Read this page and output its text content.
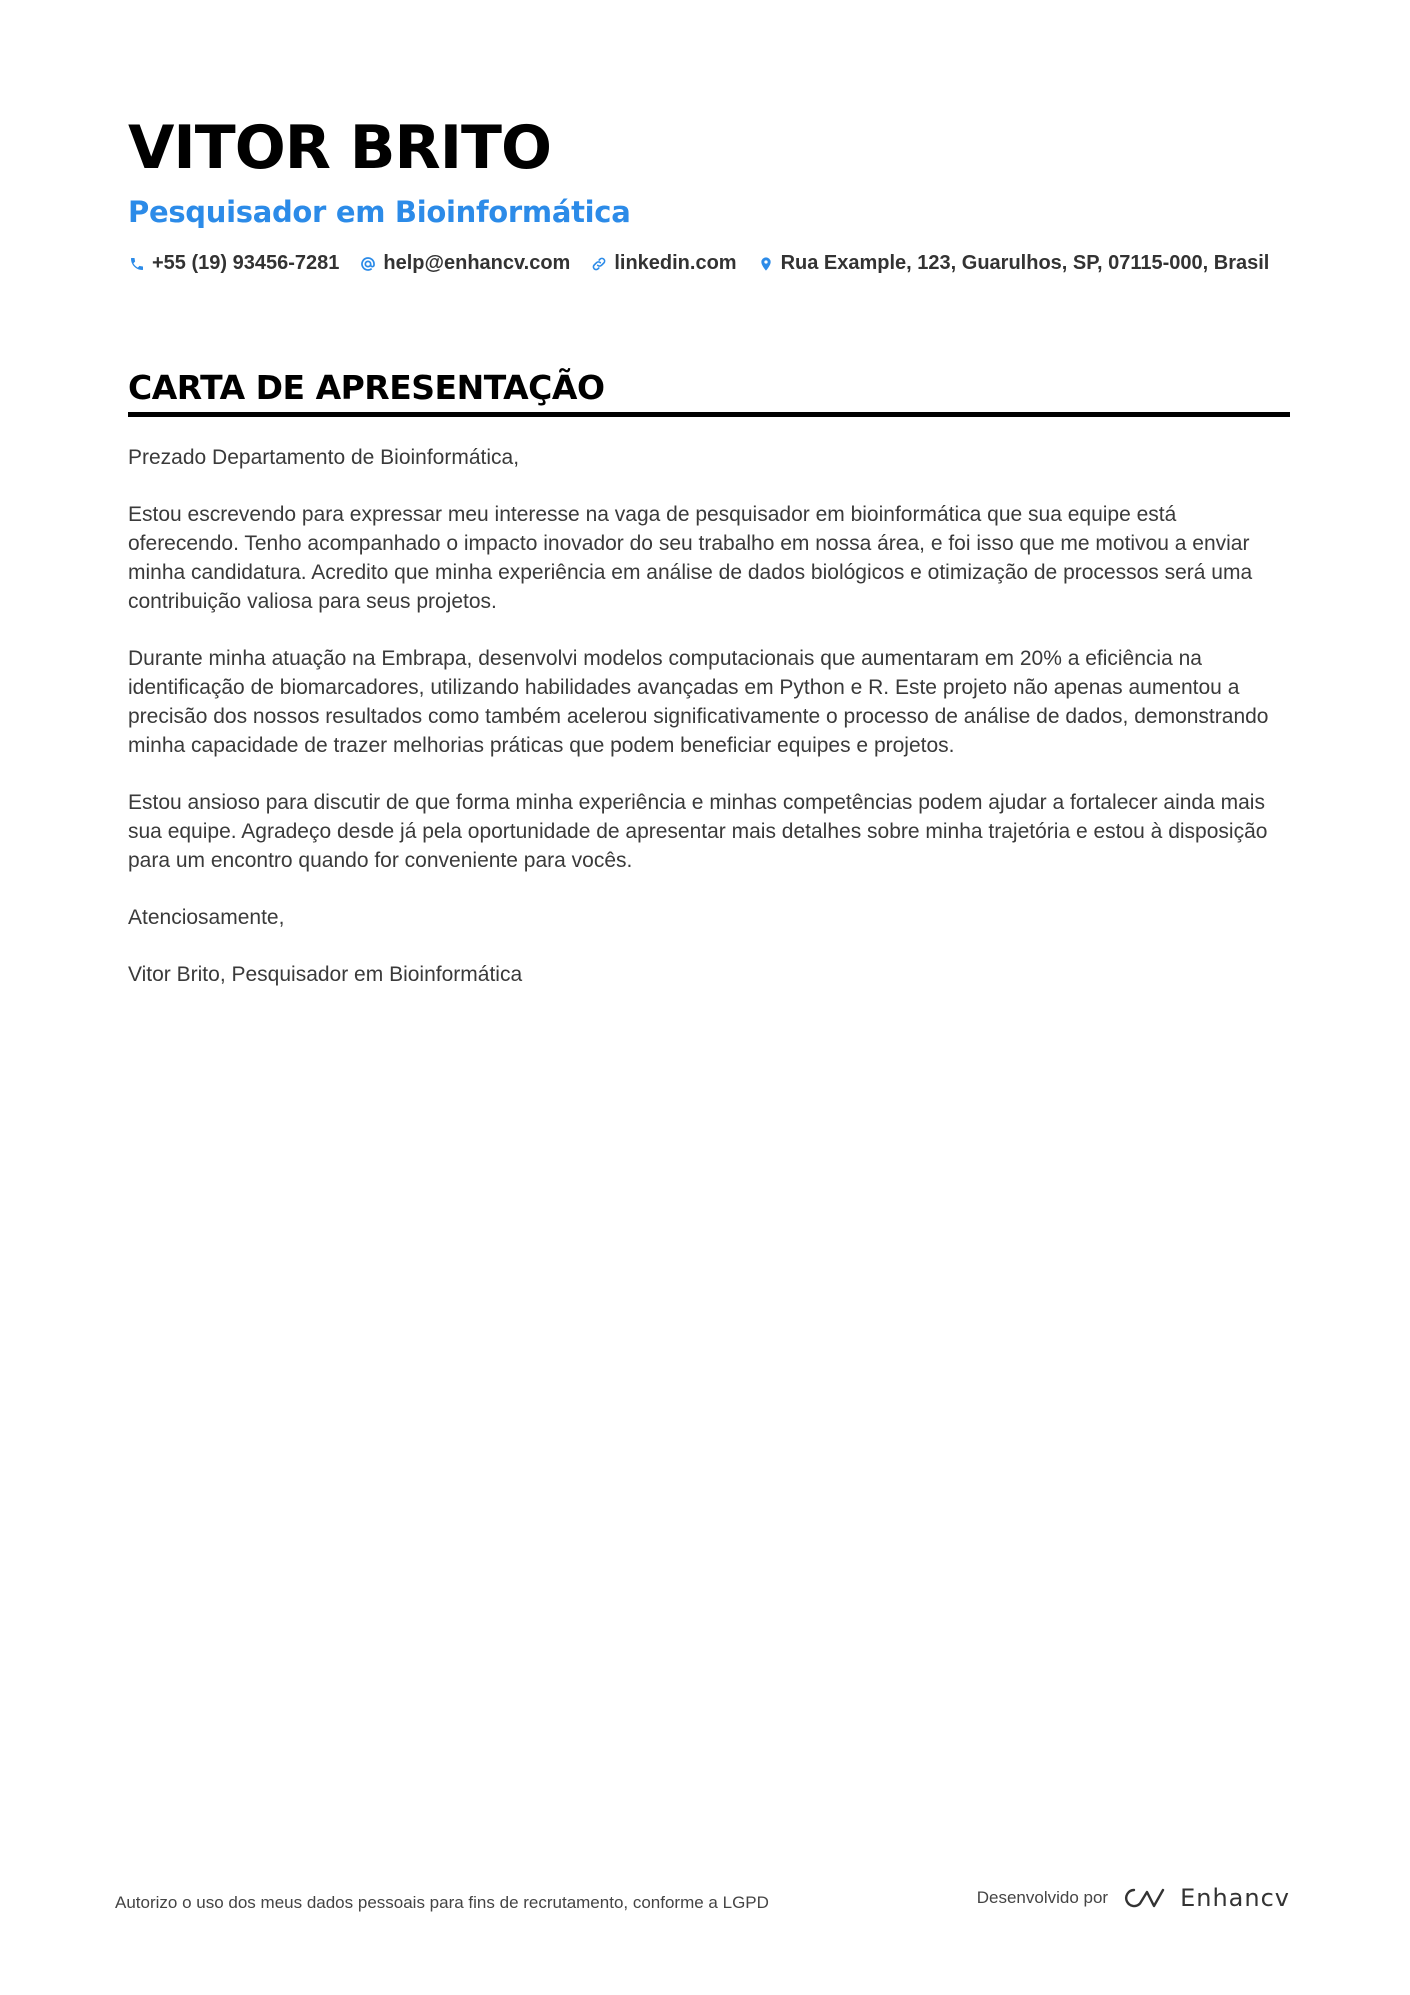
VITOR BRITO
Pesquisador em Bioinformática
+55 (19) 93456-7281 help@enhancv.com linkedin.com Rua Example, 123, Guarulhos, SP, 07115-000, Brasil
CARTA DE APRESENTAÇÃO

Prezado Departamento de Bioinformática,

Estou escrevendo para expressar meu interesse na vaga de pesquisador em bioinformática que sua equipe está oferecendo. Tenho acompanhado o impacto inovador do seu trabalho em nossa área, e foi isso que me motivou a enviar minha candidatura. Acredito que minha experiência em análise de dados biológicos e otimização de processos será uma contribuição valiosa para seus projetos.

Durante minha atuação na Embrapa, desenvolvi modelos computacionais que aumentaram em 20% a eficiência na identificação de biomarcadores, utilizando habilidades avançadas em Python e R. Este projeto não apenas aumentou a precisão dos nossos resultados como também acelerou significativamente o processo de análise de dados, demonstrando minha capacidade de trazer melhorias práticas que podem beneficiar equipes e projetos.

Estou ansioso para discutir de que forma minha experiência e minhas competências podem ajudar a fortalecer ainda mais sua equipe. Agradeço desde já pela oportunidade de apresentar mais detalhes sobre minha trajetória e estou à disposição para um encontro quando for conveniente para vocês.

Atenciosamente,

Vitor Brito, Pesquisador em Bioinformática

Autorizo o uso dos meus dados pessoais para fins de recrutamento, conforme a LGPD	Desenvolvido por	Enhancv
